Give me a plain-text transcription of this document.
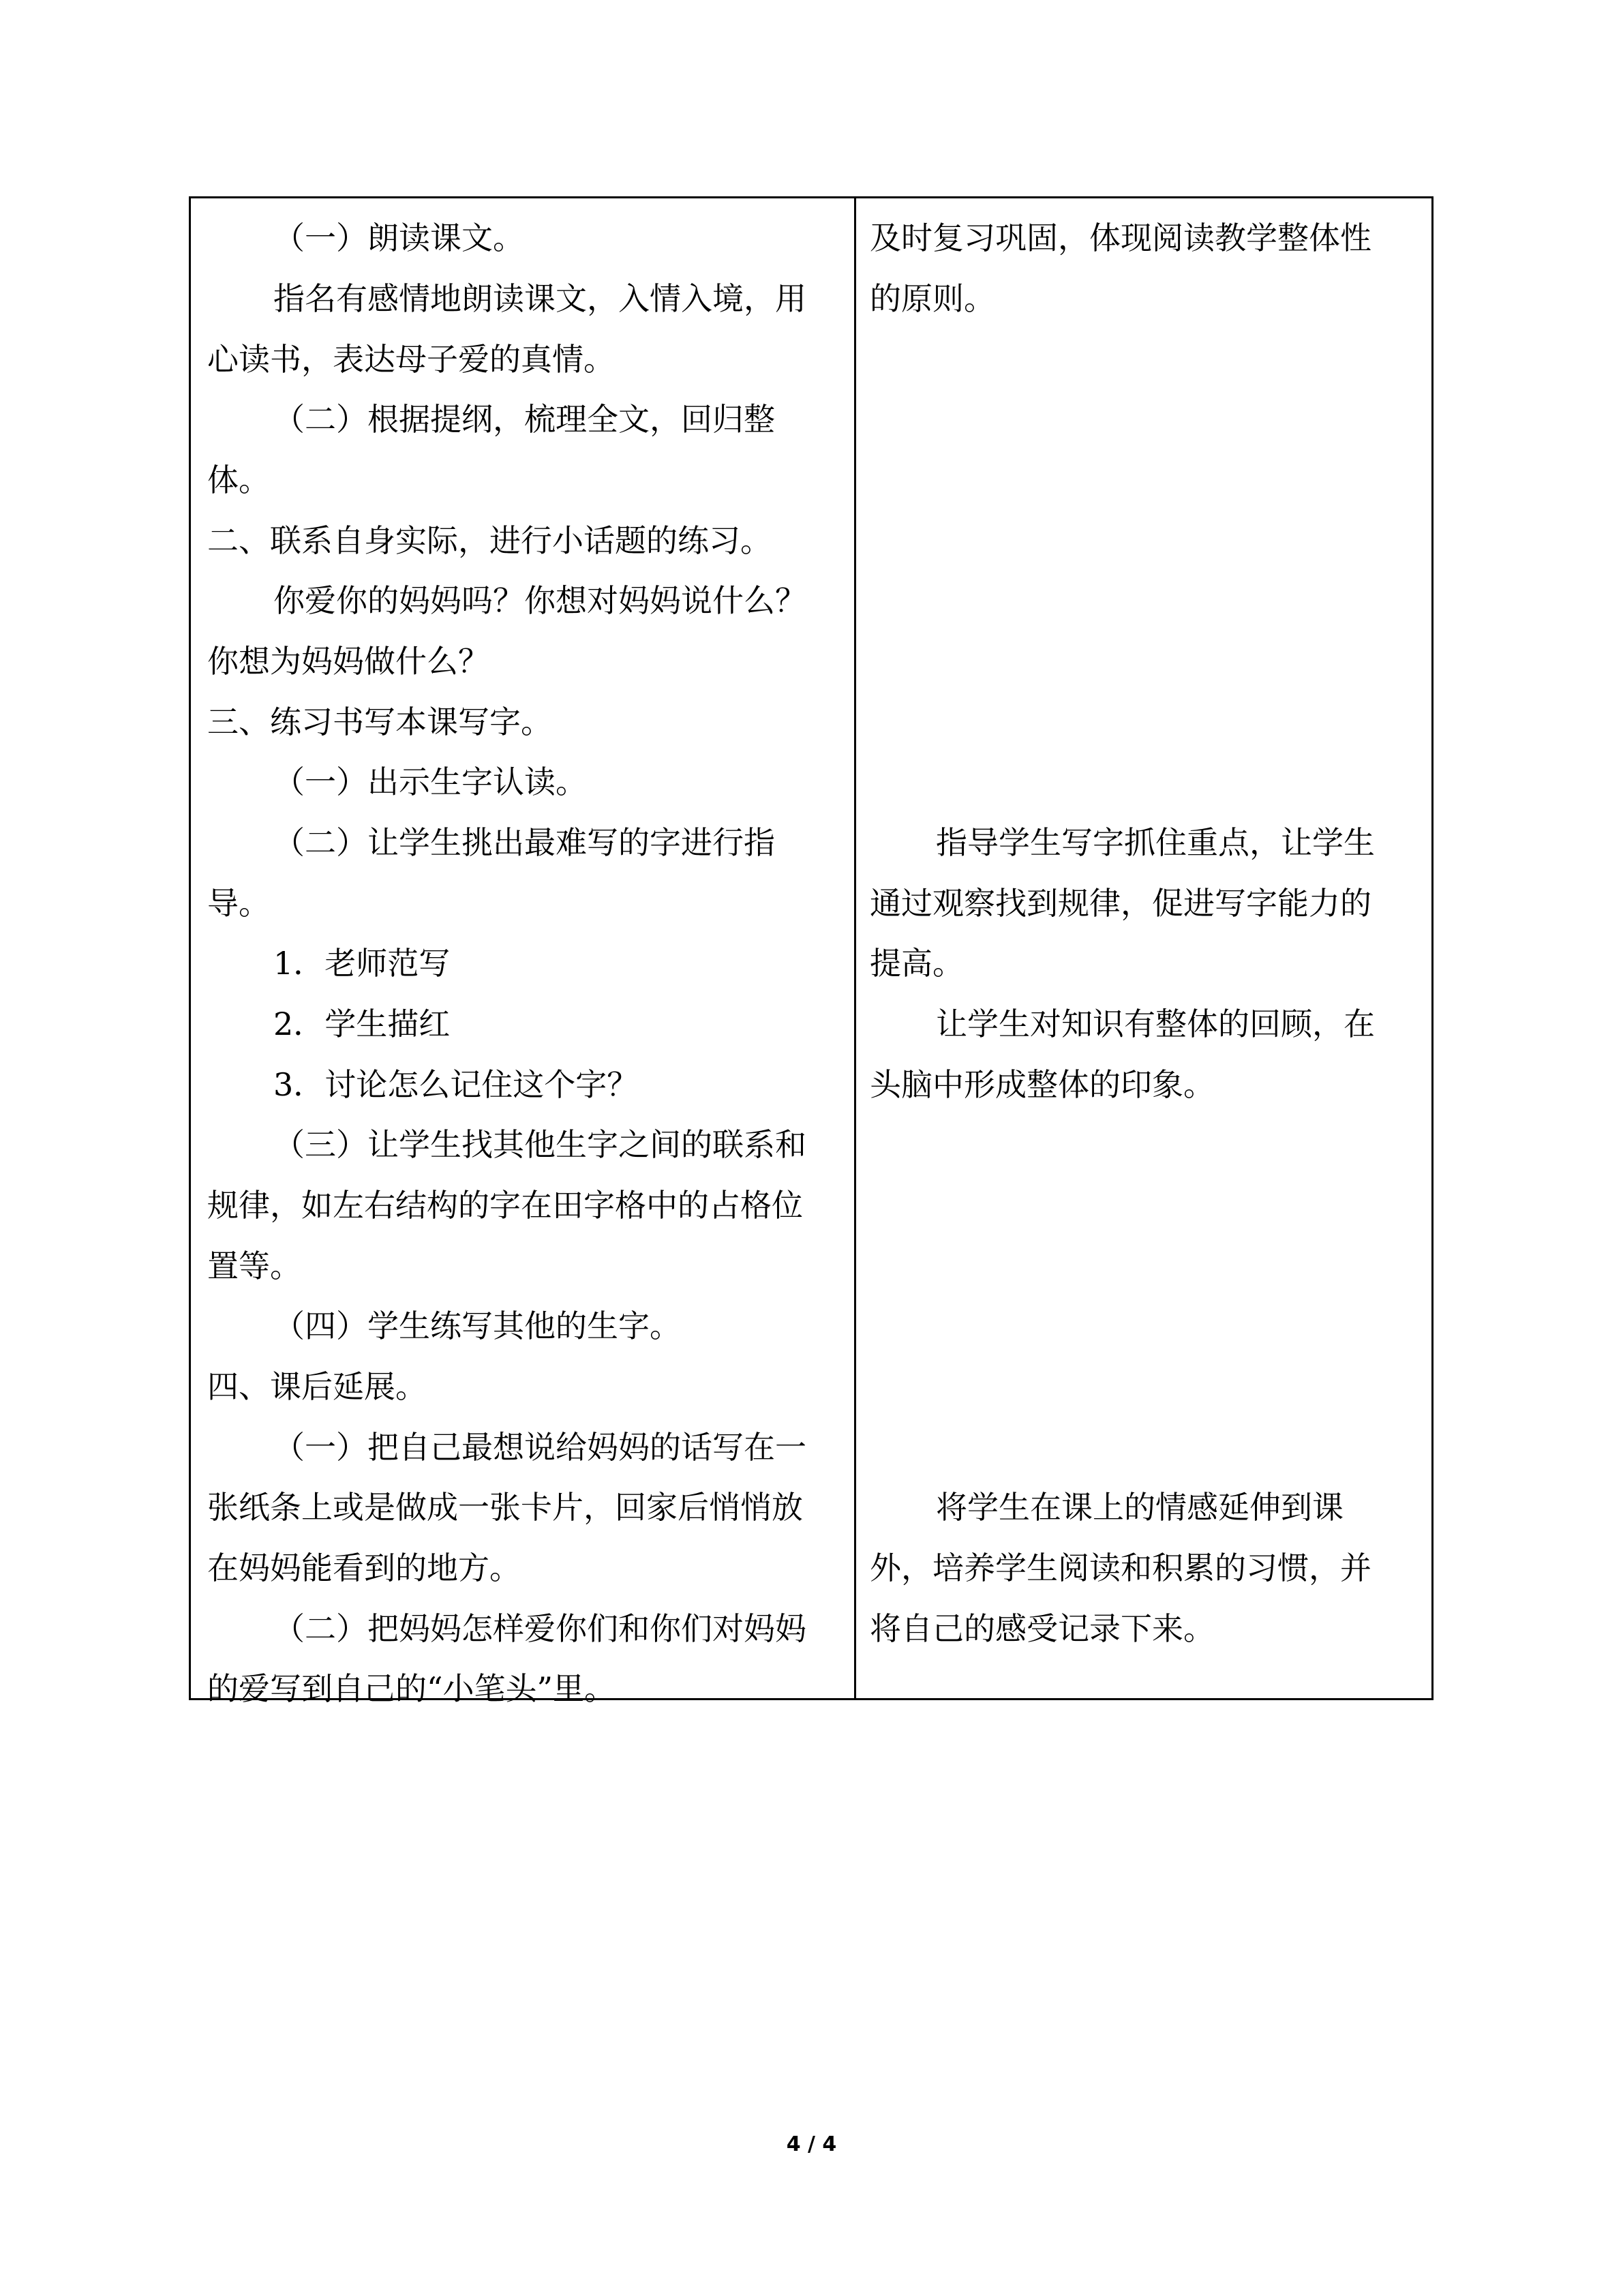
（一）朗读课文。

指名有感情地朗读课文，入情入境，用

心读书，表达母子爱的真情。

（二）根据提纲，梳理全文，回归整

体。

二、联系自身实际，进行小话题的练习。

你爱你的妈妈吗？你想对妈妈说什么？

你想为妈妈做什么？

三、练习书写本课写字。

（一）出示生字认读。

（二）让学生挑出最难写的字进行指

导。

1．老师范写

2．学生描红

3．讨论怎么记住这个字？

（三）让学生找其他生字之间的联系和

规律，如左右结构的字在田字格中的占格位

置等。

（四）学生练写其他的生字。

四、课后延展。

（一）把自己最想说给妈妈的话写在一

张纸条上或是做成一张卡片，回家后悄悄放

在妈妈能看到的地方。

（二）把妈妈怎样爱你们和你们对妈妈

的爱写到自己的“小笔头”里。

及时复习巩固，体现阅读教学整体性

的原则。

指导学生写字抓住重点，让学生

通过观察找到规律，促进写字能力的

提高。

让学生对知识有整体的回顾，在

头脑中形成整体的印象。

将学生在课上的情感延伸到课

外，培养学生阅读和积累的习惯，并

将自己的感受记录下来。

4 / 4
